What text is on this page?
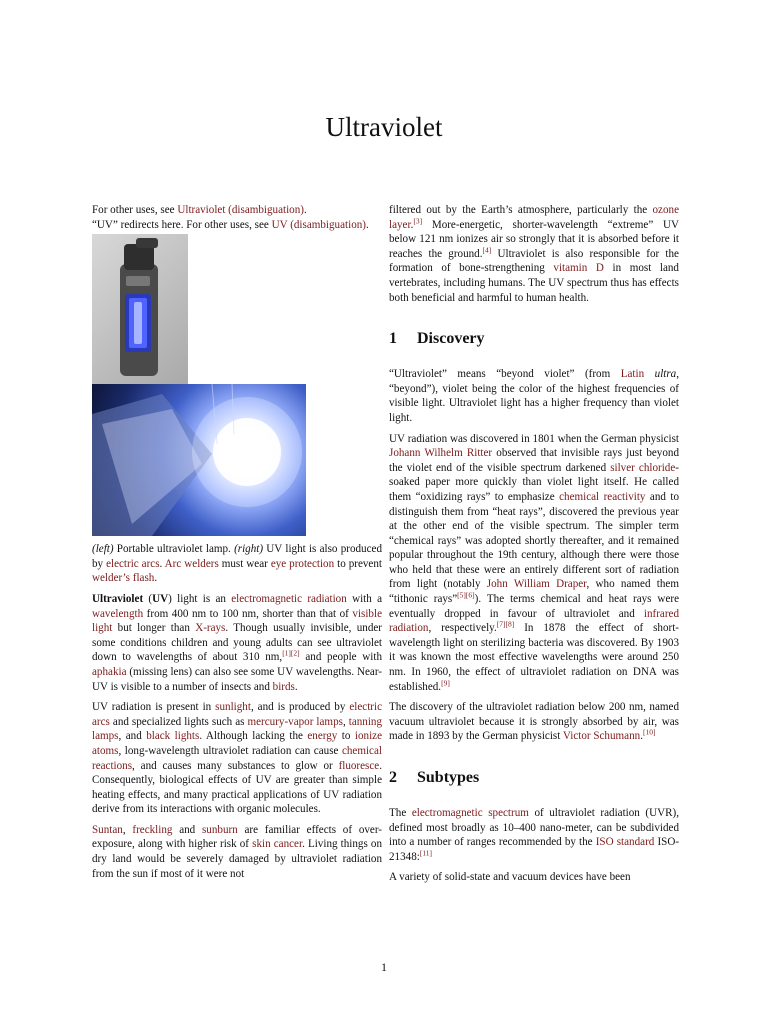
Ultraviolet

For other uses, see Ultraviolet (disambiguation).

“UV” redirects here. For other uses, see UV (disambiguation).

(left) Portable ultraviolet lamp. (right) UV light is also produced by electric arcs. Arc welders must wear eye protection to prevent welder’s flash.

Ultraviolet (UV) light is an electromagnetic radiation with a wavelength from 400 nm to 100 nm, shorter than that of visible light but longer than X-rays. Though usually invisible, under some conditions children and young adults can see ultraviolet down to wavelengths of about 310 nm,[1][2] and people with aphakia (missing lens) can also see some UV wavelengths. Near-UV is visible to a number of insects and birds.

UV radiation is present in sunlight, and is produced by electric arcs and specialized lights such as mercury-vapor lamps, tanning lamps, and black lights. Although lacking the energy to ionize atoms, long-wavelength ultraviolet radiation can cause chemical reactions, and causes many substances to glow or fluoresce. Consequently, biological effects of UV are greater than simple heating effects, and many practical applications of UV radiation derive from its interactions with organic molecules.

Suntan, freckling and sunburn are familiar effects of over-exposure, along with higher risk of skin cancer. Living things on dry land would be severely damaged by ultraviolet radiation from the sun if most of it were not

filtered out by the Earth’s atmosphere, particularly the ozone layer.[3] More-energetic, shorter-wavelength “extreme” UV below 121 nm ionizes air so strongly that it is absorbed before it reaches the ground.[4] Ultraviolet is also responsible for the formation of bone-strengthening vitamin D in most land vertebrates, including humans. The UV spectrum thus has effects both beneficial and harmful to human health.

1 Discovery

“Ultraviolet” means “beyond violet” (from Latin ultra, “beyond”), violet being the color of the highest frequencies of visible light. Ultraviolet light has a higher frequency than violet light.

UV radiation was discovered in 1801 when the German physicist Johann Wilhelm Ritter observed that invisible rays just beyond the violet end of the visible spectrum darkened silver chloride-soaked paper more quickly than violet light itself. He called them “oxidizing rays” to emphasize chemical reactivity and to distinguish them from “heat rays”, discovered the previous year at the other end of the visible spectrum. The simpler term “chemical rays” was adopted shortly thereafter, and it remained popular throughout the 19th century, although there were those who held that these were an entirely different sort of radiation from light (notably John William Draper, who named them “tithonic rays”[5][6]). The terms chemical and heat rays were eventually dropped in favour of ultraviolet and infrared radiation, respectively.[7][8] In 1878 the effect of short-wavelength light on sterilizing bacteria was discovered. By 1903 it was known the most effective wavelengths were around 250 nm. In 1960, the effect of ultraviolet radiation on DNA was established.[9]

The discovery of the ultraviolet radiation below 200 nm, named vacuum ultraviolet because it is strongly absorbed by air, was made in 1893 by the German physicist Victor Schumann.[10]

2 Subtypes

The electromagnetic spectrum of ultraviolet radiation (UVR), defined most broadly as 10–400 nano-meter, can be subdivided into a number of ranges recommended by the ISO standard ISO-21348:[11]

A variety of solid-state and vacuum devices have been

1
